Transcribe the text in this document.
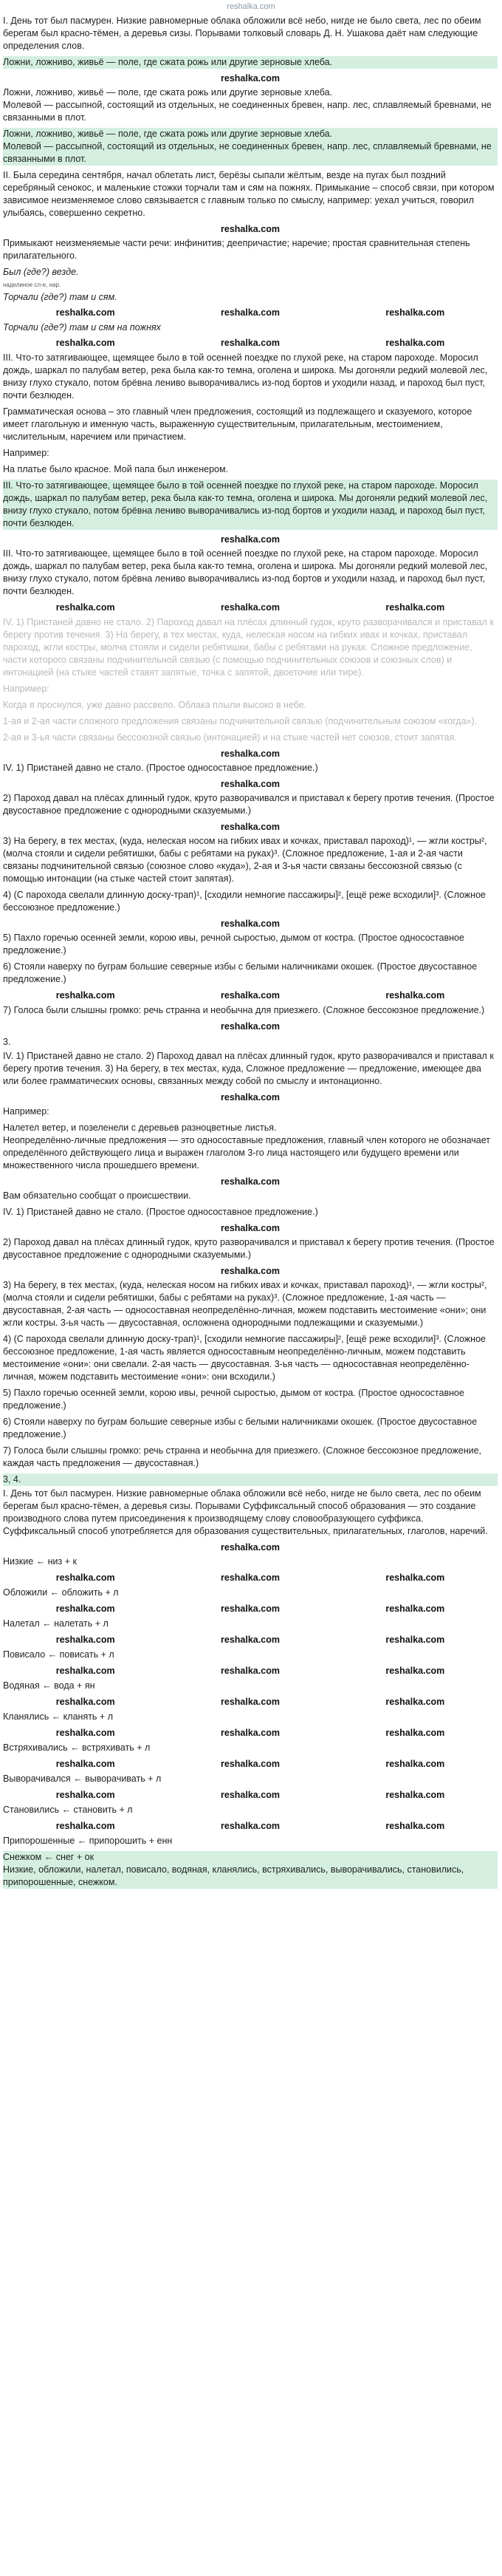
reshalka.com

I. День тот был пасмурен. Низкие равномерные облака обложили всё небо, нигде не было света, лес по обеим берегам был красно-тёмен, а деревья сизы. Порывами толковый словарь Д. Н. Ушакова даёт нам следующие определения слов.

Ложни, ложниво, живьё — поле, где сжата рожь или другие зерновые хлеба.

reshalka.com

Ложни, ложниво, живьё — поле, где сжата рожь или другие зерновые хлеба.
Молевой — рассыпной, состоящий из отдельных, не соединенных бревен, напр. лес, сплавляемый бревнами, не связанными в плот.

Ложни, ложниво, живьё — поле, где сжата рожь или другие зерновые хлеба.
Молевой — рассыпной, состоящий из отдельных, не соединенных бревен, напр. лес, сплавляемый бревнами, не связанными в плот.

II. Была середина сентября, начал облетать лист, берёзы сыпали жёлтым, везде на пугах был поздний серебряный сенокос, и маленькие стожки торчали там и сям на пожнях. Примыкание – способ связи, при котором зависимое неизменяемое слово связывается с главным только по смыслу, например: уехал учиться, говорил улыбаясь, совершенно секретно.

reshalka.com

Примыкают неизменяемые части речи: инфинитив; деепричастие; наречие; простая сравнительная степень прилагательного.

Был (где?) везде.
наделиное сл-е, нар.
Торчали (где?) там и сям.
reshalka.com	reshalka.com	reshalka.com
Торчали (где?) там и сям на пожнях
reshalka.com	reshalka.com	reshalka.com

III. Что-то затягивающее, щемящее было в той осенней поездке по глухой реке, на старом пароходе. Моросил дождь, шаркал по палубам ветер, река была как-то темна, оголена и широка. Мы догоняли редкий молевой лес, внизу глухо стукало, потом брёвна лениво выворачивались из-под бортов и уходили назад, и пароход был пуст, почти безлюден.

Грамматическая основа – это главный член предложения, состоящий из подлежащего и сказуемого, которое имеет глагольную и именную часть, выраженную существительным, прилагательным, местоимением, числительным, наречием или причастием.

Например:

На платье было красное. Мой папа был инженером.

III. Что-то затягивающее, щемящее было в той осенней поездке по глухой реке, на старом пароходе. Моросил дождь, шаркал по палубам ветер, река была как-то темна, оголена и широка. Мы догоняли редкий молевой лес, внизу глухо стукало, потом брёвна лениво выворачивались из-под бортов и уходили назад, и пароход был пуст, почти безлюден.

reshalka.com

III. Что-то затягивающее, щемящее было в той осенней поездке по глухой реке, на старом пароходе. Моросил дождь, шаркал по палубам ветер, река была как-то темна, оголена и широка. Мы догоняли редкий молевой лес, внизу глухо стукало, потом брёвна лениво выворачивались из-под бортов и уходили назад, и пароход был пуст, почти безлюден.

reshalka.com	reshalka.com	reshalka.com

IV. 1) Пристаней давно не стало. 2) Пароход давал на плёсах длинный гудок, круто разворачивался и приставал к берегу против течения. 3) На берегу, в тех местах, куда, нелеская носом на гибких ивах и кочках, приставал пароход, жгли костры, молча стояли и сидели ребятишки, бабы с ребятами на руках. Сложное предложение, части которого связаны подчинительной связью (с помощью подчинительных союзов и союзных слов) и интонацией (на стыке частей ставят запятые, точка с запятой, двоеточие или тире).

Например:

Когда я проснулся, уже давно рассвело. Облака плыли высоко в небе.

1-ая и 2-ая части сложного предложения связаны подчинительной связью (подчинительным союзом «когда»).

2-ая и 3-ья части связаны бессоюзной связью (интонацией) и на стыке частей нет союзов, стоит запятая.

reshalka.com

IV. 1) Пристаней давно не стало. (Простое односоставное предложение.)

reshalka.com

2) Пароход давал на плёсах длинный гудок, круто разворачивался и приставал к берегу против течения. (Простое двусоставное предложение с однородными сказуемыми.)

reshalka.com

3) На берегу, в тех местах, (куда, нелеская носом на гибких ивах и кочках, приставал пароход)¹, — жгли костры², (молча стояли и сидели ребятишки, бабы с ребятами на руках)³. (Сложное предложение, 1-ая и 2-ая части связаны подчинительной связью (союзное слово «куда»), 2-ая и 3-ья части связаны бессоюзной связью (с помощью интонации (на стыке частей стоит запятая).

4) (С парохода свелали длинную доску-трап)¹, [сходили немногие пассажиры]², [ещё реже всходили]³. (Сложное бессоюзное предложение.)

reshalka.com

5) Пахло горечью осенней земли, корою ивы, речной сыростью, дымом от костра. (Простое односоставное предложение.)

6) Стояли наверху по буграм большие северные избы с белыми наличниками окошек. (Простое двусоставное предложение.)

reshalka.com	reshalka.com	reshalka.com

7) Голоса были слышны громко: речь странна и необычна для приезжего. (Сложное бессоюзное предложение.)

reshalka.com
3.

IV. 1) Пристаней давно не стало. 2) Пароход давал на плёсах длинный гудок, круто разворачивался и приставал к берегу против течения. 3) На берегу, в тех местах, куда, Сложное предложение — предложение, имеющее два или более грамматических основы, связанных между собой по смыслу и интонационно.

reshalka.com

Например:

Налетел ветер, и позеленели с деревьев разноцветные листья.
Неопределённо-личные предложения — это односоставные предложения, главный член которого не обозначает определённого действующего лица и выражен глаголом 3-го лица настоящего или будущего времени или множественного числа прошедшего времени.

reshalka.com

Вам обязательно сообщат о происшествии.

IV. 1) Пристаней давно не стало. (Простое односоставное предложение.)

reshalka.com

2) Пароход давал на плёсах длинный гудок, круто разворачивался и приставал к берегу против течения. (Простое двусоставное предложение с однородными сказуемыми.)

reshalka.com

3) На берегу, в тех местах, (куда, нелеская носом на гибких ивах и кочках, приставал пароход)¹, — жгли костры², (молча стояли и сидели ребятишки, бабы с ребятами на руках)³. (Сложное предложение, 1-ая часть — двусоставная, 2-ая часть — односоставная неопределённо-личная, можем подставить местоимение «они»; они жгли костры. 3-ья часть — двусоставная, осложнена однородными подлежащими и сказуемыми.)

4) (С парохода свелали длинную доску-трап)¹, [сходили немногие пассажиры]², [ещё реже всходили]³. (Сложное бессоюзное предложение, 1-ая часть является односоставным неопределённо-личным, можем подставить местоимение «они»: они свелали. 2-ая часть — двусоставная. 3-ья часть — односоставная неопределённо-личная, можем подставить местоимение «они»: они всходили.)

5) Пахло горечью осенней земли, корою ивы, речной сыростью, дымом от костра. (Простое односоставное предложение.)

6) Стояли наверху по буграм большие северные избы с белыми наличниками окошек. (Простое двусоставное предложение.)

7) Голоса были слышны громко: речь странна и необычна для приезжего. (Сложное бессоюзное предложение, каждая часть предложения — двусоставная.)

3, 4.

I. День тот был пасмурен. Низкие равномерные облака обложили всё небо, нигде не было света, лес по обеим берегам был красно-тёмен, а деревья сизы. Порывами Суффиксальный способ образования — это создание производного слова путем присоединения к производящему слову словообразующего суффикса.
Суффиксальный способ употребляется для образования существительных, прилагательных, глаголов, наречий.

reshalka.com

Низкие ← низ + к

reshalka.com	reshalka.com	reshalka.com

Обложили ← обложить + л

reshalka.com	reshalka.com	reshalka.com

Налетал ← налетать + л

reshalka.com	reshalka.com	reshalka.com

Повисало ← повисать + л

reshalka.com	reshalka.com	reshalka.com

Водяная ← вода + ян

reshalka.com	reshalka.com	reshalka.com

Кланялись ← кланять + л

reshalka.com	reshalka.com	reshalka.com

Встряхивались ← встряхивать + л

reshalka.com	reshalka.com	reshalka.com

Выворачивался ← выворачивать + л

reshalka.com	reshalka.com	reshalka.com

Становились ← становить + л

reshalka.com	reshalka.com	reshalka.com

Припорошенные ← припорошить + енн

Снежком ← снег + ок
Низкие, обложили, налетал, повисало, водяная, кланялись, встряхивались, выворачивались, становились, припорошенные, снежком.
